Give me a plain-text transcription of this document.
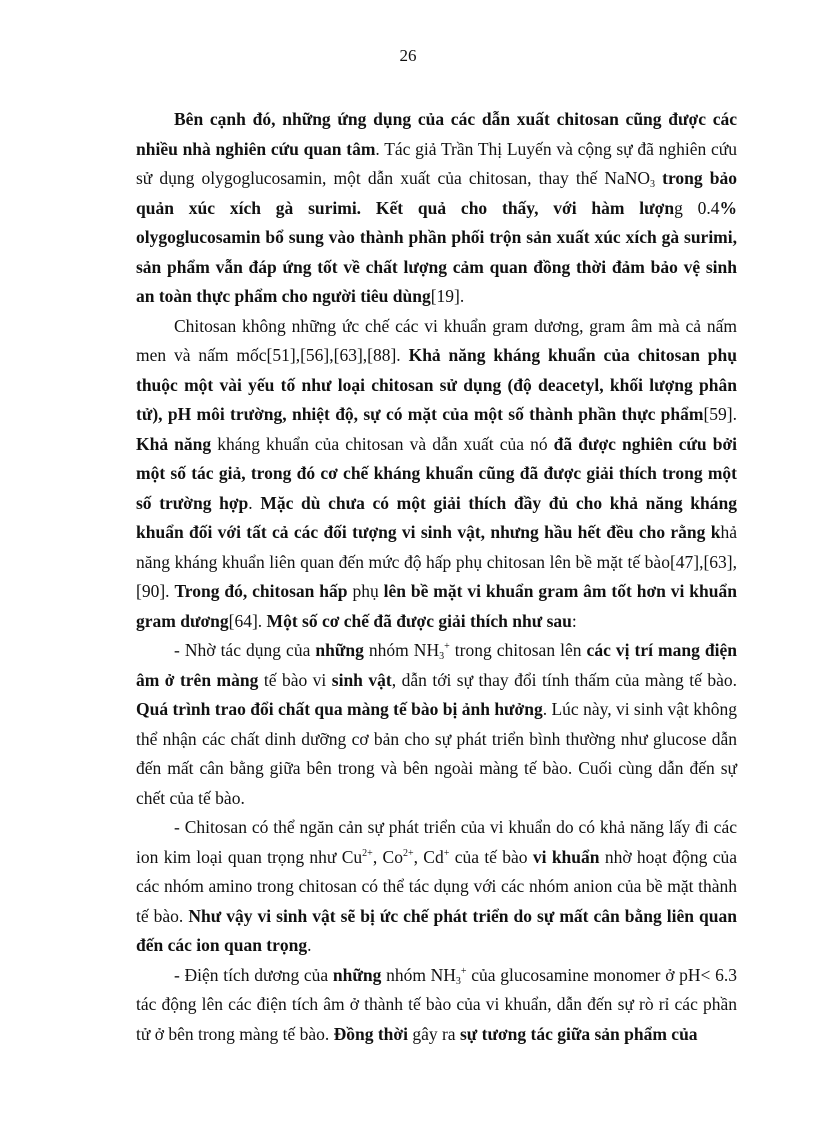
26

Bên cạnh đó, những ứng dụng của các dẫn xuất chitosan cũng được các nhiều nhà nghiên cứu quan tâm. Tác giả Trần Thị Luyến và cộng sự đã nghiên cứu sử dụng olygoglucosamin, một dẫn xuất của chitosan, thay thế NaNO$_3$ trong bảo quản xúc xích gà surimi. Kết quả cho thấy, với hàm lượng 0.4% olygoglucosamin bổ sung vào thành phần phối trộn sản xuất xúc xích gà surimi, sản phẩm vẫn đáp ứng tốt về chất lượng cảm quan đồng thời đảm bảo vệ sinh an toàn thực phẩm cho người tiêu dùng[19].

Chitosan không những ức chế các vi khuẩn gram dương, gram âm mà cả nấm men và nấm mốc[51],[56],[63],[88]. Khả năng kháng khuẩn của chitosan phụ thuộc một vài yếu tố như loại chitosan sử dụng (độ deacetyl, khối lượng phân tử), pH môi trường, nhiệt độ, sự có mặt của một số thành phần thực phẩm[59]. Khả năng kháng khuẩn của chitosan và dẫn xuất của nó đã được nghiên cứu bởi một số tác giả, trong đó cơ chế kháng khuẩn cũng đã được giải thích trong một số trường hợp. Mặc dù chưa có một giải thích đầy đủ cho khả năng kháng khuẩn đối với tất cả các đối tượng vi sinh vật, nhưng hầu hết đều cho rằng khả năng kháng khuẩn liên quan đến mức độ hấp phụ chitosan lên bề mặt tế bào[47],[63],[90]. Trong đó, chitosan hấp phụ lên bề mặt vi khuẩn gram âm tốt hơn vi khuẩn gram dương[64]. Một số cơ chế đã được giải thích như sau:

- Nhờ tác dụng của những nhóm $NH_3^+$ trong chitosan lên các vị trí mang điện âm ở trên màng tế bào vi sinh vật, dẫn tới sự thay đổi tính thấm của màng tế bào. Quá trình trao đổi chất qua màng tế bào bị ảnh hưởng. Lúc này, vi sinh vật không thể nhận các chất dinh dưỡng cơ bản cho sự phát triển bình thường như glucose dẫn đến mất cân bằng giữa bên trong và bên ngoài màng tế bào. Cuối cùng dẫn đến sự chết của tế bào.

- Chitosan có thể ngăn cản sự phát triển của vi khuẩn do có khả năng lấy đi các ion kim loại quan trọng như $Cu^{2+}$, $Co^{2+}$, Cd+ của tế bào vi khuẩn nhờ hoạt động của các nhóm amino trong chitosan có thể tác dụng với các nhóm anion của bề mặt thành tế bào. Như vậy vi sinh vật sẽ bị ức chế phát triển do sự mất cân bằng liên quan đến các ion quan trọng.

- Điện tích dương của những nhóm $NH_3^+$ của glucosamine monomer ở pH< 6.3 tác động lên các điện tích âm ở thành tế bào của vi khuẩn, dẫn đến sự rò rỉ các phần tử ở bên trong màng tế bào. Đồng thời gây ra sự tương tác giữa sản phẩm của
